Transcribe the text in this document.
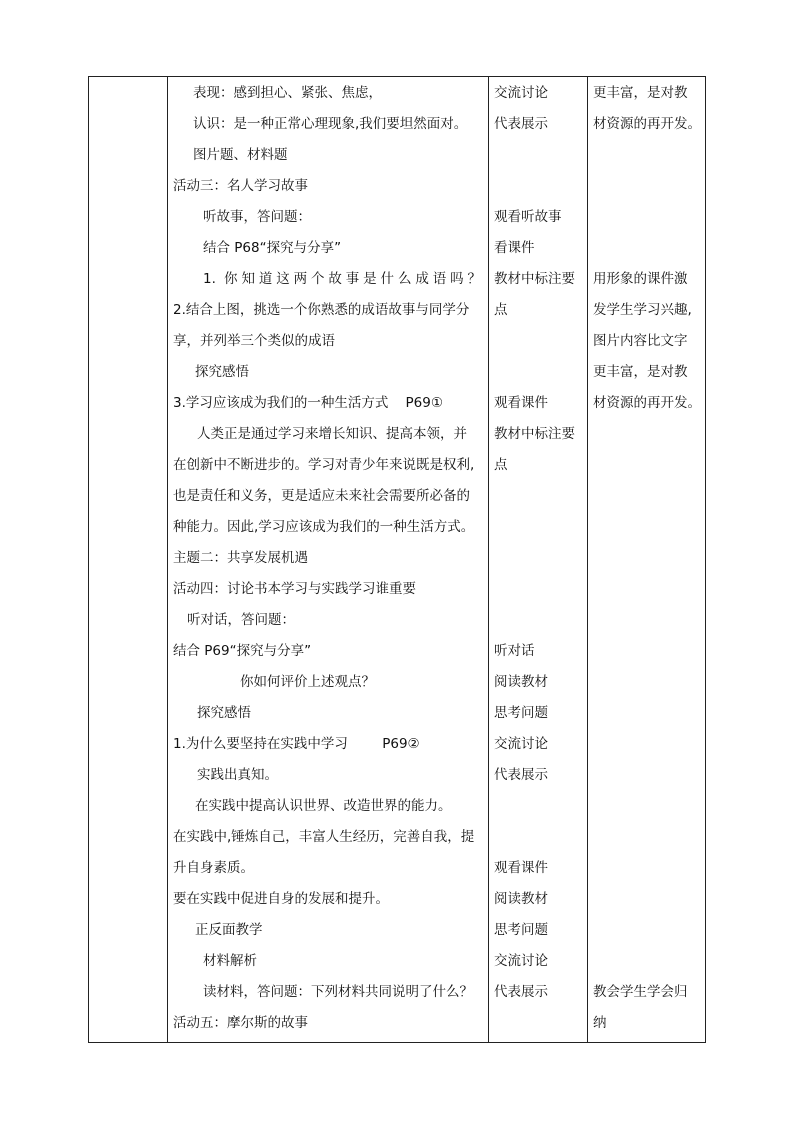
表现：感到担心、紧张、焦虑，
认识：是一种正常心理现象,我们要坦然面对。
图片题、材料题
活动三：名人学习故事
听故事，答问题：
结合 P68“探究与分享”
1. 你知道这两个故事是什么成语吗？
2.结合上图，挑选一个你熟悉的成语故事与同学分
享，并列举三个类似的成语
探究感悟
3.学习应该成为我们的一种生活方式    P69①
人类正是通过学习来增长知识、提高本领，并
在创新中不断进步的。学习对青少年来说既是权利,
也是责任和义务，更是适应未来社会需要所必备的
种能力。因此,学习应该成为我们的一种生活方式。
主题二：共享发展机遇
活动四：讨论书本学习与实践学习谁重要
听对话，答问题：
结合 P69“探究与分享”
你如何评价上述观点？
探究感悟
1.为什么要坚持在实践中学习        P69②
实践出真知。
在实践中提高认识世界、改造世界的能力。
在实践中,锤炼自己，丰富人生经历，完善自我，提
升自身素质。
要在实践中促进自身的发展和提升。
正反面教学
材料解析
读材料，答问题：下列材料共同说明了什么？
活动五：摩尔斯的故事
交流讨论
代表展示
观看听故事
看课件
教材中标注要
点
观看课件
教材中标注要
点
听对话
阅读教材
思考问题
交流讨论
代表展示
观看课件
阅读教材
思考问题
交流讨论
代表展示
更丰富，是对教
材资源的再开发。
用形象的课件激
发学生学习兴趣,
图片内容比文字
更丰富，是对教
材资源的再开发。
教会学生学会归
纳
